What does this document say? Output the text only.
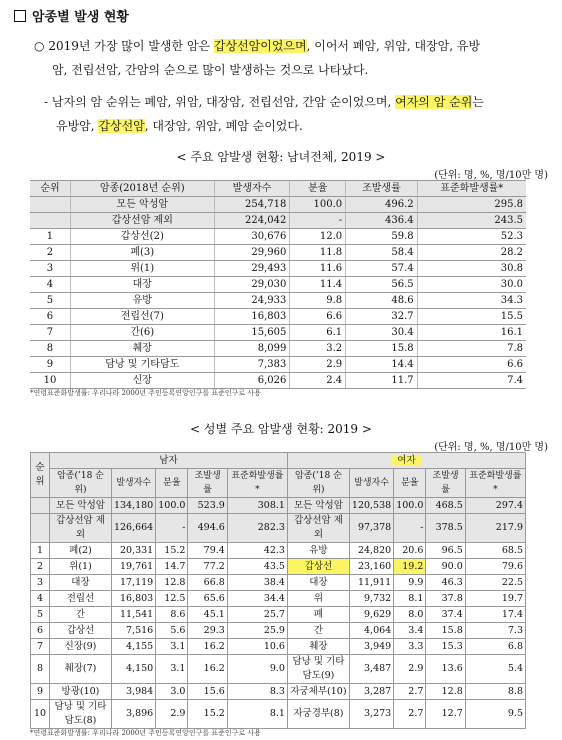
암종별 발생 현황
○ 2019년 가장 많이 발생한 암은 갑상선암이었으며, 이어서 폐암, 위암, 대장암, 유방
암, 전립선암, 간암의 순으로 많이 발생하는 것으로 나타났다.
- 남자의 암 순위는 폐암, 위암, 대장암, 전립선암, 간암 순이었으며, 여자의 암 순위는
유방암, 갑상선암, 대장암, 위암, 폐암 순이었다.
< 주요 암발생 현황: 남녀전체, 2019 >
(단위: 명, %, 명/10만 명)
순위	암종(2018년 순위)	발생자수	분율	조발생률	표준화발생률*
	모든 악성암	254,718	100.0	496.2	295.8
	갑상선암 제외	224,042	-	436.4	243.5
1	갑상선(2)	30,676	12.0	59.8	52.3
2	폐(3)	29,960	11.8	58.4	28.2
3	위(1)	29,493	11.6	57.4	30.8
4	대장	29,030	11.4	56.5	30.0
5	유방	24,933	9.8	48.6	34.3
6	전립선(7)	16,803	6.6	32.7	15.5
7	간(6)	15,605	6.1	30.4	16.1
8	췌장	8,099	3.2	15.8	7.8
9	담낭 및 기타담도	7,383	2.9	14.4	6.6
10	신장	6,026	2.4	11.7	7.4
*연령표준화발생률: 우리나라 2000년 주민등록연앙인구를 표준인구로 사용
< 성별 주요 암발생 현황: 2019 >
(단위: 명, %, 명/10만 명)
순위	남자					여자				
	암종(’18 순위)	발생자수	분율	조발생률	표준화발생률*	암종(’18 순위)	발생자수	분율	조발생률	표준화발생률*
	모든 악성암	134,180	100.0	523.9	308.1	모든 악성암	120,538	100.0	468.5	297.4
	갑상선암 제외	126,664	-	494.6	282.3	갑상선암 제외	97,378	-	378.5	217.9
1	폐(2)	20,331	15.2	79.4	42.3	유방	24,820	20.6	96.5	68.5
2	위(1)	19,761	14.7	77.2	43.5	갑상선	23,160	19.2	90.0	79.6
3	대장	17,119	12.8	66.8	38.4	대장	11,911	9.9	46.3	22.5
4	전립선	16,803	12.5	65.6	34.4	위	9,732	8.1	37.8	19.7
5	간	11,541	8.6	45.1	25.7	폐	9,629	8.0	37.4	17.4
6	갑상선	7,516	5.6	29.3	25.9	간	4,064	3.4	15.8	7.3
7	신장(9)	4,155	3.1	16.2	10.6	췌장	3,949	3.3	15.3	6.8
8	췌장(7)	4,150	3.1	16.2	9.0	담낭 및 기타담도(9)	3,487	2.9	13.6	5.4
9	방광(10)	3,984	3.0	15.6	8.3	자궁체부(10)	3,287	2.7	12.8	8.8
10	담낭 및 기타담도(8)	3,896	2.9	15.2	8.1	자궁경부(8)	3,273	2.7	12.7	9.5
*연령표준화발생률: 우리나라 2000년 주민등록연앙인구를 표준인구로 사용
